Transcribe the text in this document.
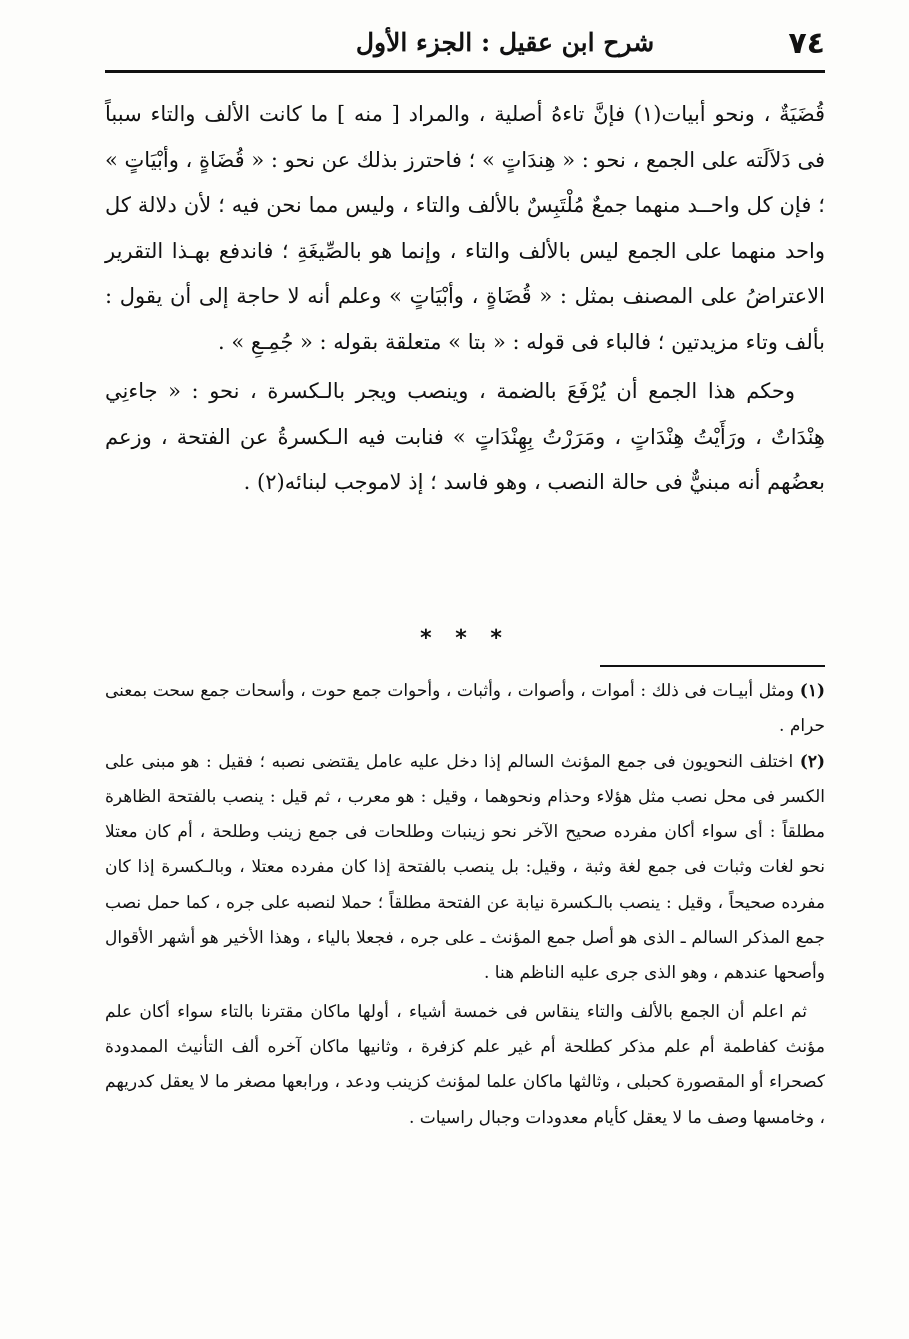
٧٤
شرح ابن عقيل : الجزء الأول

قُضَيَةٌ ، ونحو أبيات(١) فإنَّ تاءهُ أصلية ، والمراد [ منه ] ما كانت الألف والتاء سبباً فى دَلاَلَته على الجمع ، نحو : « هِندَاتٍ » ؛ فاحترز بذلك عن نحو : « قُضَاةٍ ، وأبْيَاتٍ » ؛ فإن كل واحــد منهما جمعٌ مُلْتَبِسٌ بالألف والتاء ، وليس مما نحن فيه ؛ لأن دلالة كل واحد منهما على الجمع ليس بالألف والتاء ، وإنما هو بالصِّيغَةِ ؛ فاندفع بهـذا التقرير الاعتراضُ على المصنف بمثل : « قُضَاةٍ ، وأبْيَاتٍ » وعلم أنه لا حاجة إلى أن يقول : بألف وتاء مزيدتين ؛ فالباء فى قوله : « بتا » متعلقة بقوله : « جُمِـعِ » .

وحكم هذا الجمع أن يُرْفَعَ بالضمة ، وينصب ويجر بالـكسرة ، نحو : « جاءنِي هِنْدَاتٌ ، ورَأَيْتُ هِنْدَاتٍ ، ومَرَرْتُ بِهِنْدَاتٍ » فنابت فيه الـكسرةُ عن الفتحة ، وزعم بعضُهم أنه مبنيٌّ فى حالة النصب ، وهو فاسد ؛ إذ لاموجب لبنائه(٢) .

* * *

(١) ومثل أبيـات فى ذلك : أموات ، وأصوات ، وأثبات ، وأحوات جمع حوت ، وأسحات جمع سحت بمعنى حرام .

(٢) اختلف النحويون فى جمع المؤنث السالم إذا دخل عليه عامل يقتضى نصبه ؛ فقيل : هو مبنى على الكسر فى محل نصب مثل هؤلاء وحذام ونحوهما ، وقيل : هو معرب ، ثم قيل : ينصب بالفتحة الظاهرة مطلقاً : أى سواء أكان مفرده صحيح الآخر نحو زينبات وطلحات فى جمع زينب وطلحة ، أم كان معتلا نحو لغات وثبات فى جمع لغة وثبة ، وقيل: بل ينصب بالفتحة إذا كان مفرده معتلا ، وبالـكسرة إذا كان مفرده صحيحاً ، وقيل : ينصب بالـكسرة نيابة عن الفتحة مطلقاً ؛ حملا لنصبه على جره ، كما حمل نصب جمع المذكر السالم ـ الذى هو أصل جمع المؤنث ـ على جره ، فجعلا بالياء ، وهذا الأخير هو أشهر الأقوال وأصحها عندهم ، وهو الذى جرى عليه الناظم هنا .

ثم اعلم أن الجمع بالألف والتاء ينقاس فى خمسة أشياء ، أولها ماكان مقترنا بالتاء سواء أكان علم مؤنث كفاطمة أم علم مذكر كطلحة أم غير علم كزفرة ، وثانيها ماكان آخره ألف التأنيث الممدودة كصحراء أو المقصورة كحبلى ، وثالثها ماكان علما لمؤنث كزينب ودعد ، ورابعها مصغر ما لا يعقل كدريهم ، وخامسها وصف ما لا يعقل كأيام معدودات وجبال راسيات .
